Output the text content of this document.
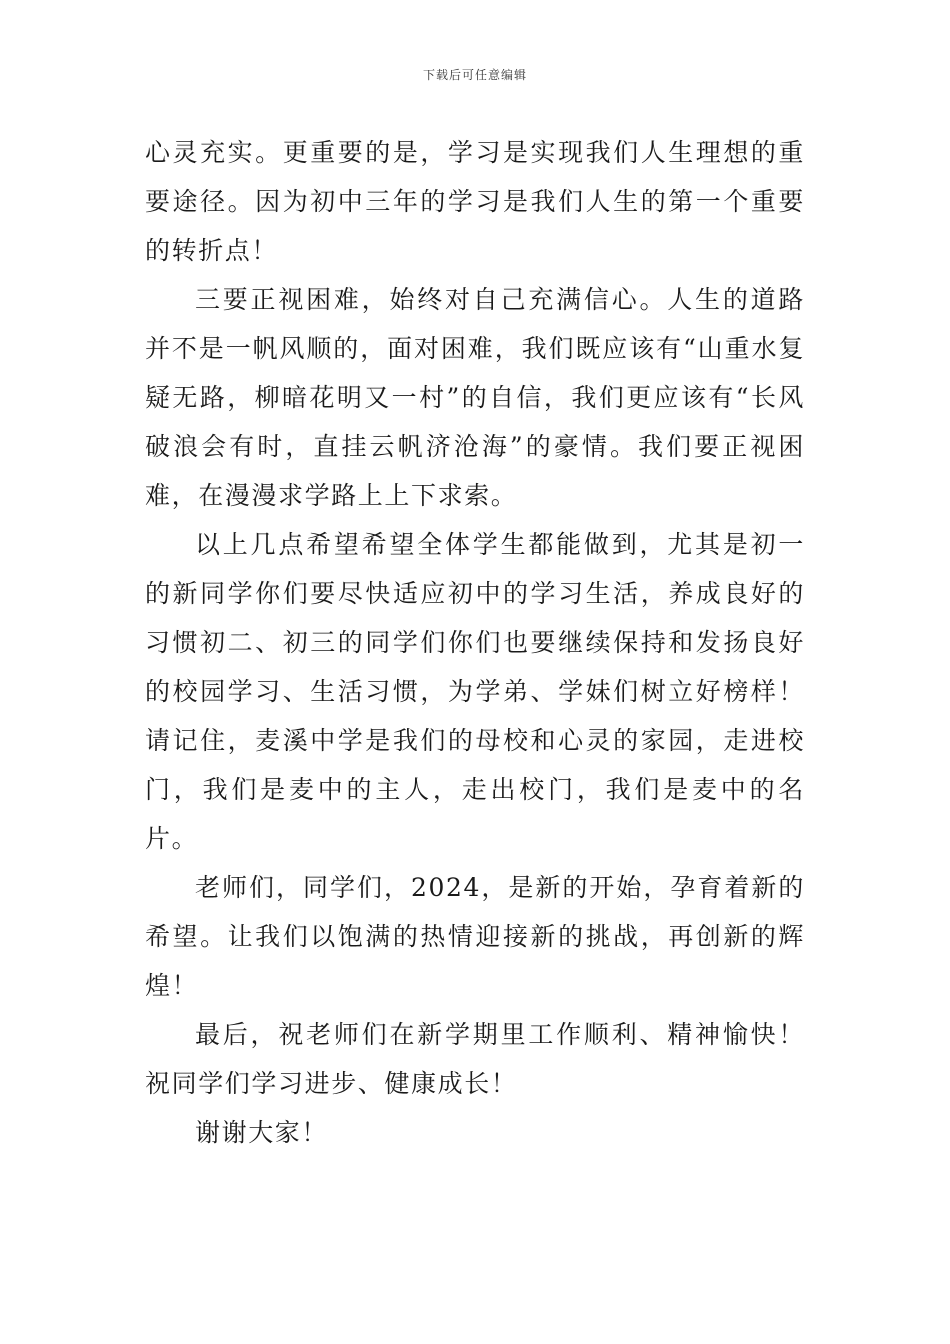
下载后可任意编辑

心灵充实。更重要的是，学习是实现我们人生理想的重要途径。因为初中三年的学习是我们人生的第一个重要的转折点！

三要正视困难，始终对自己充满信心。人生的道路并不是一帆风顺的，面对困难，我们既应该有“山重水复疑无路，柳暗花明又一村”的自信，我们更应该有“长风破浪会有时，直挂云帆济沧海”的豪情。我们要正视困难，在漫漫求学路上上下求索。

以上几点希望希望全体学生都能做到，尤其是初一的新同学你们要尽快适应初中的学习生活，养成良好的习惯初二、初三的同学们你们也要继续保持和发扬良好的校园学习、生活习惯，为学弟、学妹们树立好榜样！请记住，麦溪中学是我们的母校和心灵的家园，走进校门，我们是麦中的主人，走出校门，我们是麦中的名片。

老师们，同学们，2024，是新的开始，孕育着新的希望。让我们以饱满的热情迎接新的挑战，再创新的辉煌！

最后，祝老师们在新学期里工作顺利、精神愉快！祝同学们学习进步、健康成长！

谢谢大家！
